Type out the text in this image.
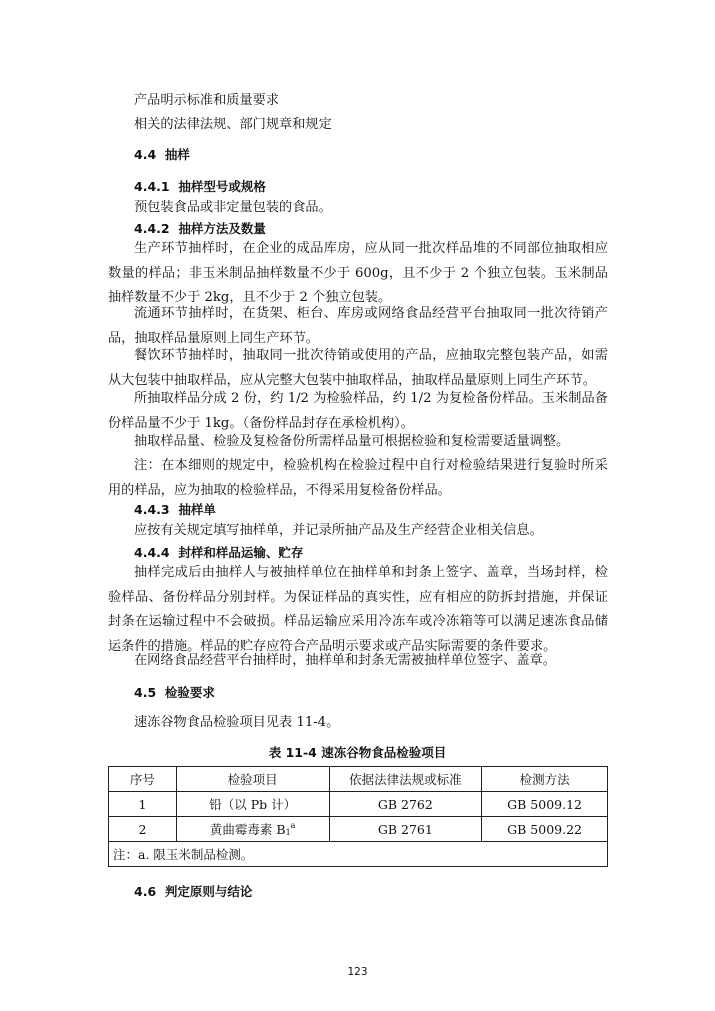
产品明示标准和质量要求
相关的法律法规、部门规章和规定
4.4 抽样
4.4.1 抽样型号或规格
预包装食品或非定量包装的食品。
4.4.2 抽样方法及数量
生产环节抽样时，在企业的成品库房，应从同一批次样品堆的不同部位抽取相应数量的样品；非玉米制品抽样数量不少于 600g，且不少于 2 个独立包装。玉米制品抽样数量不少于 2kg，且不少于 2 个独立包装。
流通环节抽样时，在货架、柜台、库房或网络食品经营平台抽取同一批次待销产品，抽取样品量原则上同生产环节。
餐饮环节抽样时，抽取同一批次待销或使用的产品，应抽取完整包装产品，如需从大包装中抽取样品，应从完整大包装中抽取样品，抽取样品量原则上同生产环节。
所抽取样品分成 2 份，约 1/2 为检验样品，约 1/2 为复检备份样品。玉米制品备份样品量不少于 1kg。（备份样品封存在承检机构）。
抽取样品量、检验及复检备份所需样品量可根据检验和复检需要适量调整。
注：在本细则的规定中，检验机构在检验过程中自行对检验结果进行复验时所采用的样品，应为抽取的检验样品，不得采用复检备份样品。
4.4.3 抽样单
应按有关规定填写抽样单，并记录所抽产品及生产经营企业相关信息。
4.4.4 封样和样品运输、贮存
抽样完成后由抽样人与被抽样单位在抽样单和封条上签字、盖章，当场封样，检验样品、备份样品分别封样。为保证样品的真实性，应有相应的防拆封措施，并保证封条在运输过程中不会破损。样品运输应采用冷冻车或冷冻箱等可以满足速冻食品储运条件的措施。样品的贮存应符合产品明示要求或产品实际需要的条件要求。
在网络食品经营平台抽样时，抽样单和封条无需被抽样单位签字、盖章。
4.5 检验要求
速冻谷物食品检验项目见表 11-4。
表 11-4 速冻谷物食品检验项目
序号	检验项目	依据法律法规或标准	检测方法
1	铅（以 Pb 计）	GB 2762	GB 5009.12
2	黄曲霉毒素 $B_1^a$	GB 2761	GB 5009.22
注：a. 限玉米制品检测。			
4.6 判定原则与结论
123
